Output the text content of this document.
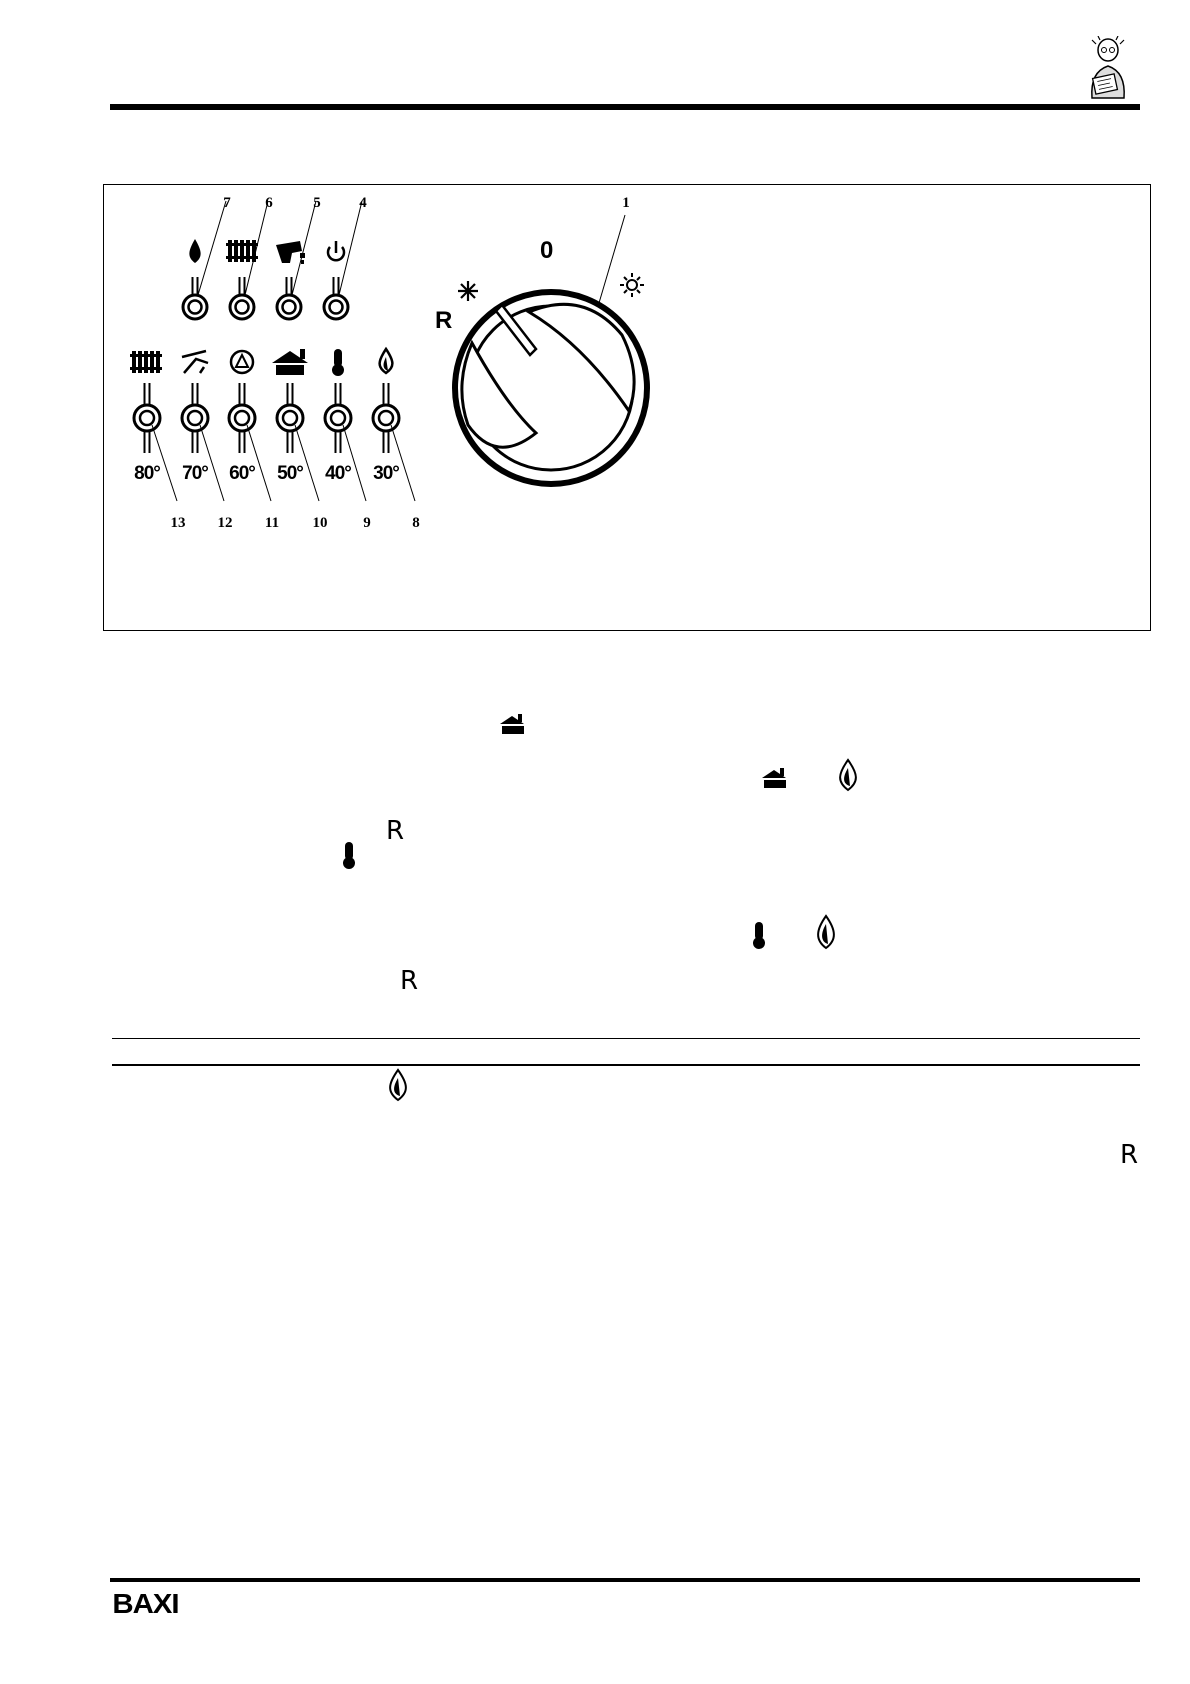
7	6	5	4	1
13 12 11 10	9	8
80°	70°	60°	50°	40°	30°
0
R
R
R
R
BAXI
